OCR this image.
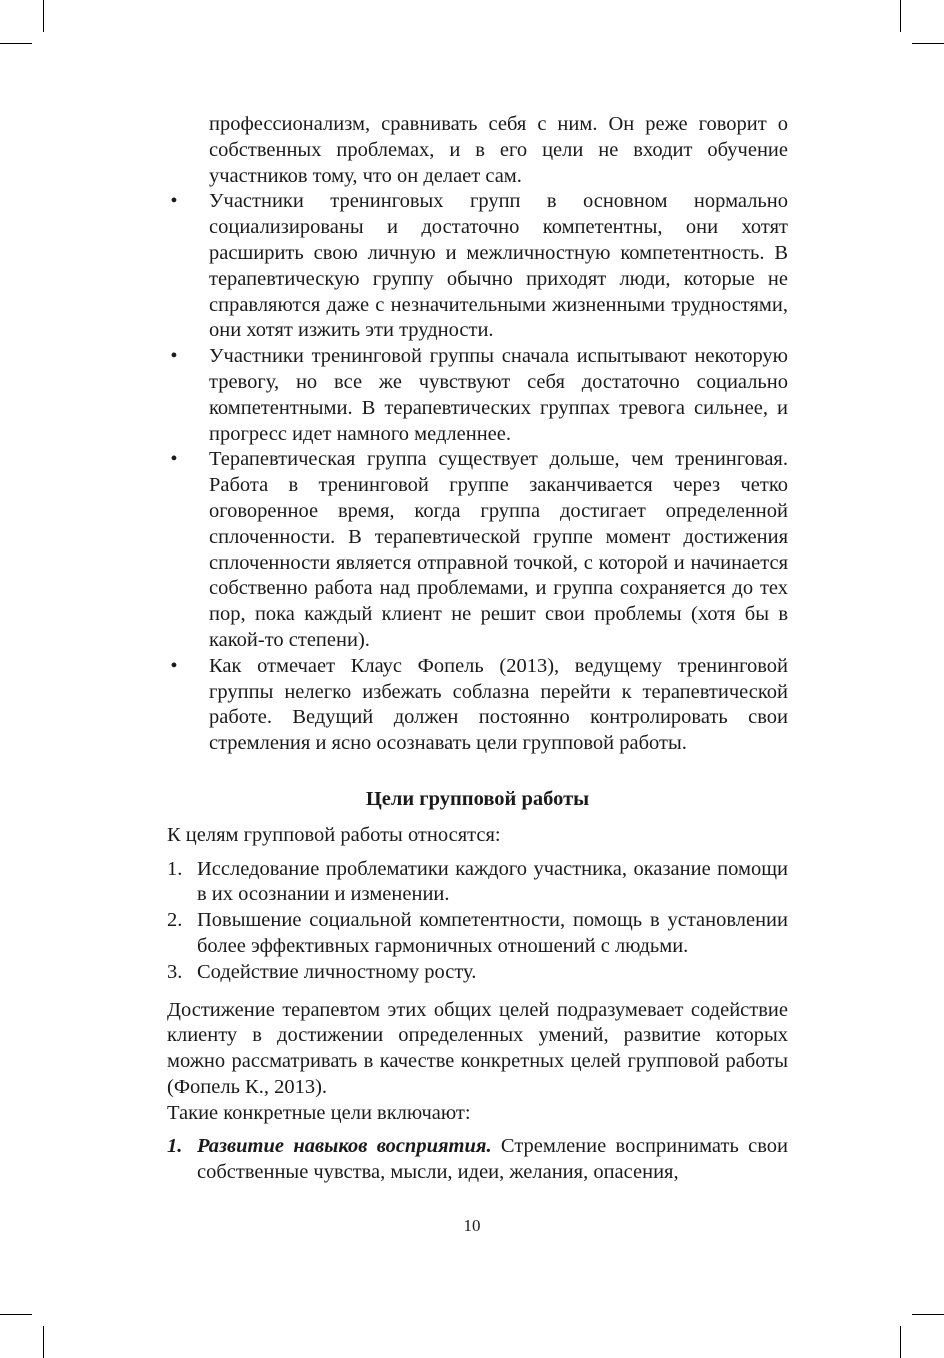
профессионализм, сравнивать себя с ним. Он реже говорит о собственных проблемах, и в его цели не входит обучение участников тому, что он делает сам.

• Участники тренинговых групп в основном нормально социализированы и достаточно компетентны, они хотят расширить свою личную и межличностную компетентность. В терапевтическую группу обычно приходят люди, которые не справляются даже с незначительными жизненными трудностями, они хотят изжить эти трудности.
• Участники тренинговой группы сначала испытывают некоторую тревогу, но все же чувствуют себя достаточно социально компетентными. В терапевтических группах тревога сильнее, и прогресс идет намного медленнее.
• Терапевтическая группа существует дольше, чем тренинговая. Работа в тренинговой группе заканчивается через четко оговоренное время, когда группа достигает определенной сплоченности. В терапевтической группе момент достижения сплоченности является отправной точкой, с которой и начинается собственно работа над проблемами, и группа сохраняется до тех пор, пока каждый клиент не решит свои проблемы (хотя бы в какой-то степени).
• Как отмечает Клаус Фопель (2013), ведущему тренинговой группы нелегко избежать соблазна перейти к терапевтической работе. Ведущий должен постоянно контролировать свои стремления и ясно осознавать цели групповой работы.
Цели групповой работы

К целям групповой работы относятся:

1. Исследование проблематики каждого участника, оказание помощи в их осознании и изменении.
2. Повышение социальной компетентности, помощь в установлении более эффективных гармоничных отношений с людьми.
3. Содействие личностному росту.

Достижение терапевтом этих общих целей подразумевает содействие клиенту в достижении определенных умений, развитие которых можно рассматривать в качестве конкретных целей групповой работы (Фопель К., 2013).

Такие конкретные цели включают:

1. Развитие навыков восприятия. Стремление воспринимать свои собственные чувства, мысли, идеи, желания, опасения,
10
